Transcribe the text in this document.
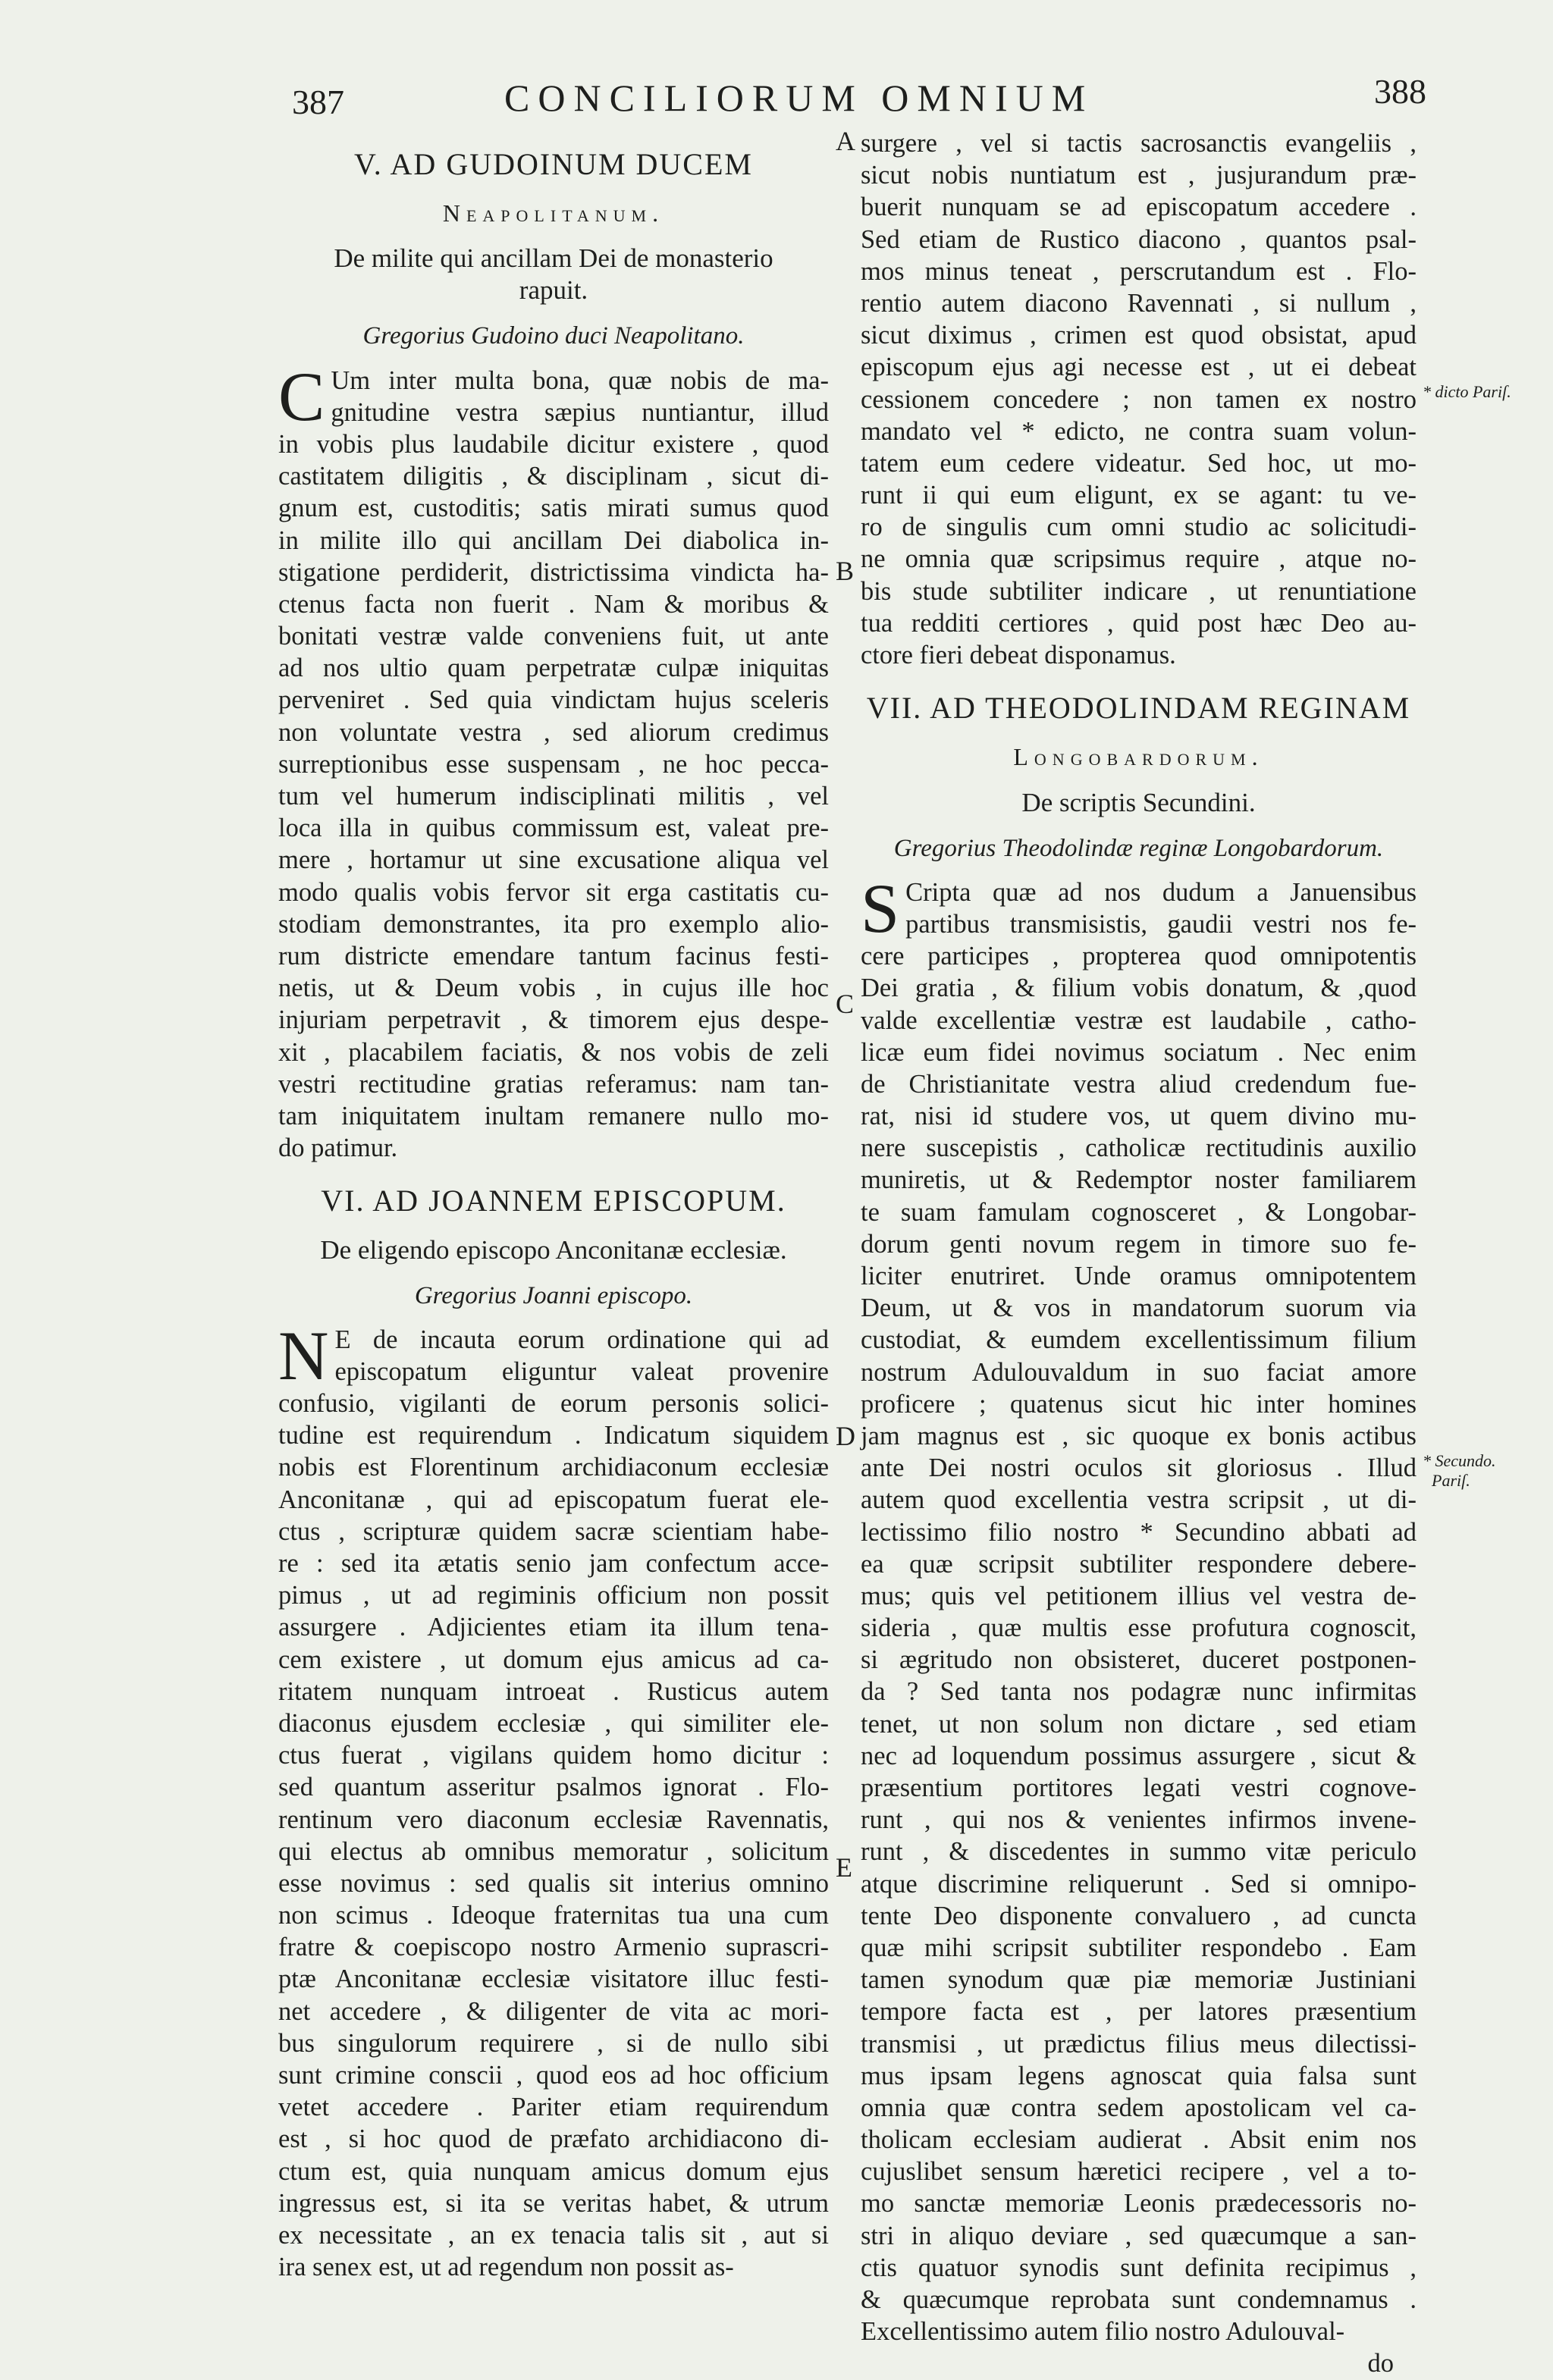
387	CONCILIORUM OMNIUM	388
V. AD GUDOINUM DUCEM
Neapolitanum.
De milite qui ancillam Dei de monasterio
rapuit.
Gregorius Gudoino duci Neapolitano.
C Um inter multa bona, quæ nobis de ma-
gnitudine vestra sæpius nuntiantur, illud
in vobis plus laudabile dicitur existere , quod
castitatem diligitis , & disciplinam , sicut di-
gnum est, custoditis; satis mirati sumus quod
in milite illo qui ancillam Dei diabolica in-
stigatione perdiderit, districtissima vindicta ha-
ctenus facta non fuerit . Nam & moribus &
bonitati vestræ valde conveniens fuit, ut ante
ad nos ultio quam perpetratæ culpæ iniquitas
perveniret . Sed quia vindictam hujus sceleris
non voluntate vestra , sed aliorum credimus
surreptionibus esse suspensam , ne hoc pecca-
tum vel humerum indisciplinati militis , vel
loca illa in quibus commissum est, valeat pre-
mere , hortamur ut sine excusatione aliqua vel
modo qualis vobis fervor sit erga castitatis cu-
stodiam demonstrantes, ita pro exemplo alio-
rum districte emendare tantum facinus festi-
netis, ut & Deum vobis , in cujus ille hoc
injuriam perpetravit , & timorem ejus despe-
xit , placabilem faciatis, & nos vobis de zeli
vestri rectitudine gratias referamus: nam tan-
tam iniquitatem inultam remanere nullo mo-
do patimur.
VI. AD JOANNEM EPISCOPUM.
De eligendo episcopo Anconitanæ ecclesiæ.
Gregorius Joanni episcopo.
N E de incauta eorum ordinatione qui ad
episcopatum eliguntur valeat provenire
confusio, vigilanti de eorum personis solici-
tudine est requirendum . Indicatum siquidem
nobis est Florentinum archidiaconum ecclesiæ
Anconitanæ , qui ad episcopatum fuerat ele-
ctus , scripturæ quidem sacræ scientiam habe-
re : sed ita ætatis senio jam confectum acce-
pimus , ut ad regiminis officium non possit
assurgere . Adjicientes etiam ita illum tena-
cem existere , ut domum ejus amicus ad ca-
ritatem nunquam introeat . Rusticus autem
diaconus ejusdem ecclesiæ , qui similiter ele-
ctus fuerat , vigilans quidem homo dicitur :
sed quantum asseritur psalmos ignorat . Flo-
rentinum vero diaconum ecclesiæ Ravennatis,
qui electus ab omnibus memoratur , solicitum
esse novimus : sed qualis sit interius omnino
non scimus . Ideoque fraternitas tua una cum
fratre & coepiscopo nostro Armenio suprascri-
ptæ Anconitanæ ecclesiæ visitatore illuc festi-
net accedere , & diligenter de vita ac mori-
bus singulorum requirere , si de nullo sibi
sunt crimine conscii , quod eos ad hoc officium
vetet accedere . Pariter etiam requirendum
est , si hoc quod de præfato archidiacono di-
ctum est, quia nunquam amicus domum ejus
ingressus est, si ita se veritas habet, & utrum
ex necessitate , an ex tenacia talis sit , aut si
ira senex est, ut ad regendum non possit as-
surgere , vel si tactis sacrosanctis evangeliis ,
sicut nobis nuntiatum est , jusjurandum præ-
buerit nunquam se ad episcopatum accedere .
Sed etiam de Rustico diacono , quantos psal-
mos minus teneat , perscrutandum est . Flo-
rentio autem diacono Ravennati , si nullum ,
sicut diximus , crimen est quod obsistat, apud
episcopum ejus agi necesse est , ut ei debeat
cessionem concedere ; non tamen ex nostro
mandato vel * edicto, ne contra suam volun-
tatem eum cedere videatur. Sed hoc, ut mo-
runt ii qui eum eligunt, ex se agant: tu ve-
ro de singulis cum omni studio ac solicitudi-
ne omnia quæ scripsimus require , atque no-
bis stude subtiliter indicare , ut renuntiatione
tua redditi certiores , quid post hæc Deo au-
ctore fieri debeat disponamus.
VII. AD THEODOLINDAM REGINAM
Longobardorum.
De scriptis Secundini.
Gregorius Theodolindæ reginæ Longobardorum.
S Cripta quæ ad nos dudum a Januensibus
partibus transmisistis, gaudii vestri nos fe-
cere participes , propterea quod omnipotentis
Dei gratia , & filium vobis donatum, & ,quod
valde excellentiæ vestræ est laudabile , catho-
licæ eum fidei novimus sociatum . Nec enim
de Christianitate vestra aliud credendum fue-
rat, nisi id studere vos, ut quem divino mu-
nere suscepistis , catholicæ rectitudinis auxilio
muniretis, ut & Redemptor noster familiarem
te suam famulam cognosceret , & Longobar-
dorum genti novum regem in timore suo fe-
liciter enutriret. Unde oramus omnipotentem
Deum, ut & vos in mandatorum suorum via
custodiat, & eumdem excellentissimum filium
nostrum Adulouvaldum in suo faciat amore
proficere ; quatenus sicut hic inter homines
jam magnus est , sic quoque ex bonis actibus
ante Dei nostri oculos sit gloriosus . Illud
autem quod excellentia vestra scripsit , ut di-
lectissimo filio nostro * Secundino abbati ad
ea quæ scripsit subtiliter respondere debere-
mus; quis vel petitionem illius vel vestra de-
sideria , quæ multis esse profutura cognoscit,
si ægritudo non obsisteret, duceret postponen-
da ? Sed tanta nos podagræ nunc infirmitas
tenet, ut non solum non dictare , sed etiam
nec ad loquendum possimus assurgere , sicut &
præsentium portitores legati vestri cognove-
runt , qui nos & venientes infirmos invene-
runt , & discedentes in summo vitæ periculo
atque discrimine reliquerunt . Sed si omnipo-
tente Deo disponente convaluero , ad cuncta
quæ mihi scripsit subtiliter respondebo . Eam
tamen synodum quæ piæ memoriæ Justiniani
tempore facta est , per latores præsentium
transmisi , ut prædictus filius meus dilectissi-
mus ipsam legens agnoscat quia falsa sunt
omnia quæ contra sedem apostolicam vel ca-
tholicam ecclesiam audierat . Absit enim nos
cujuslibet sensum hæretici recipere , vel a to-
mo sanctæ memoriæ Leonis prædecessoris no-
stri in aliquo deviare , sed quæcumque a san-
ctis quatuor synodis sunt definita recipimus ,
& quæcumque reprobata sunt condemnamus .
Excellentissimo autem filio nostro Adulouval-
do
A
B
C
D
E
* dicto Pariſ.
* Secundo.
Pariſ.
